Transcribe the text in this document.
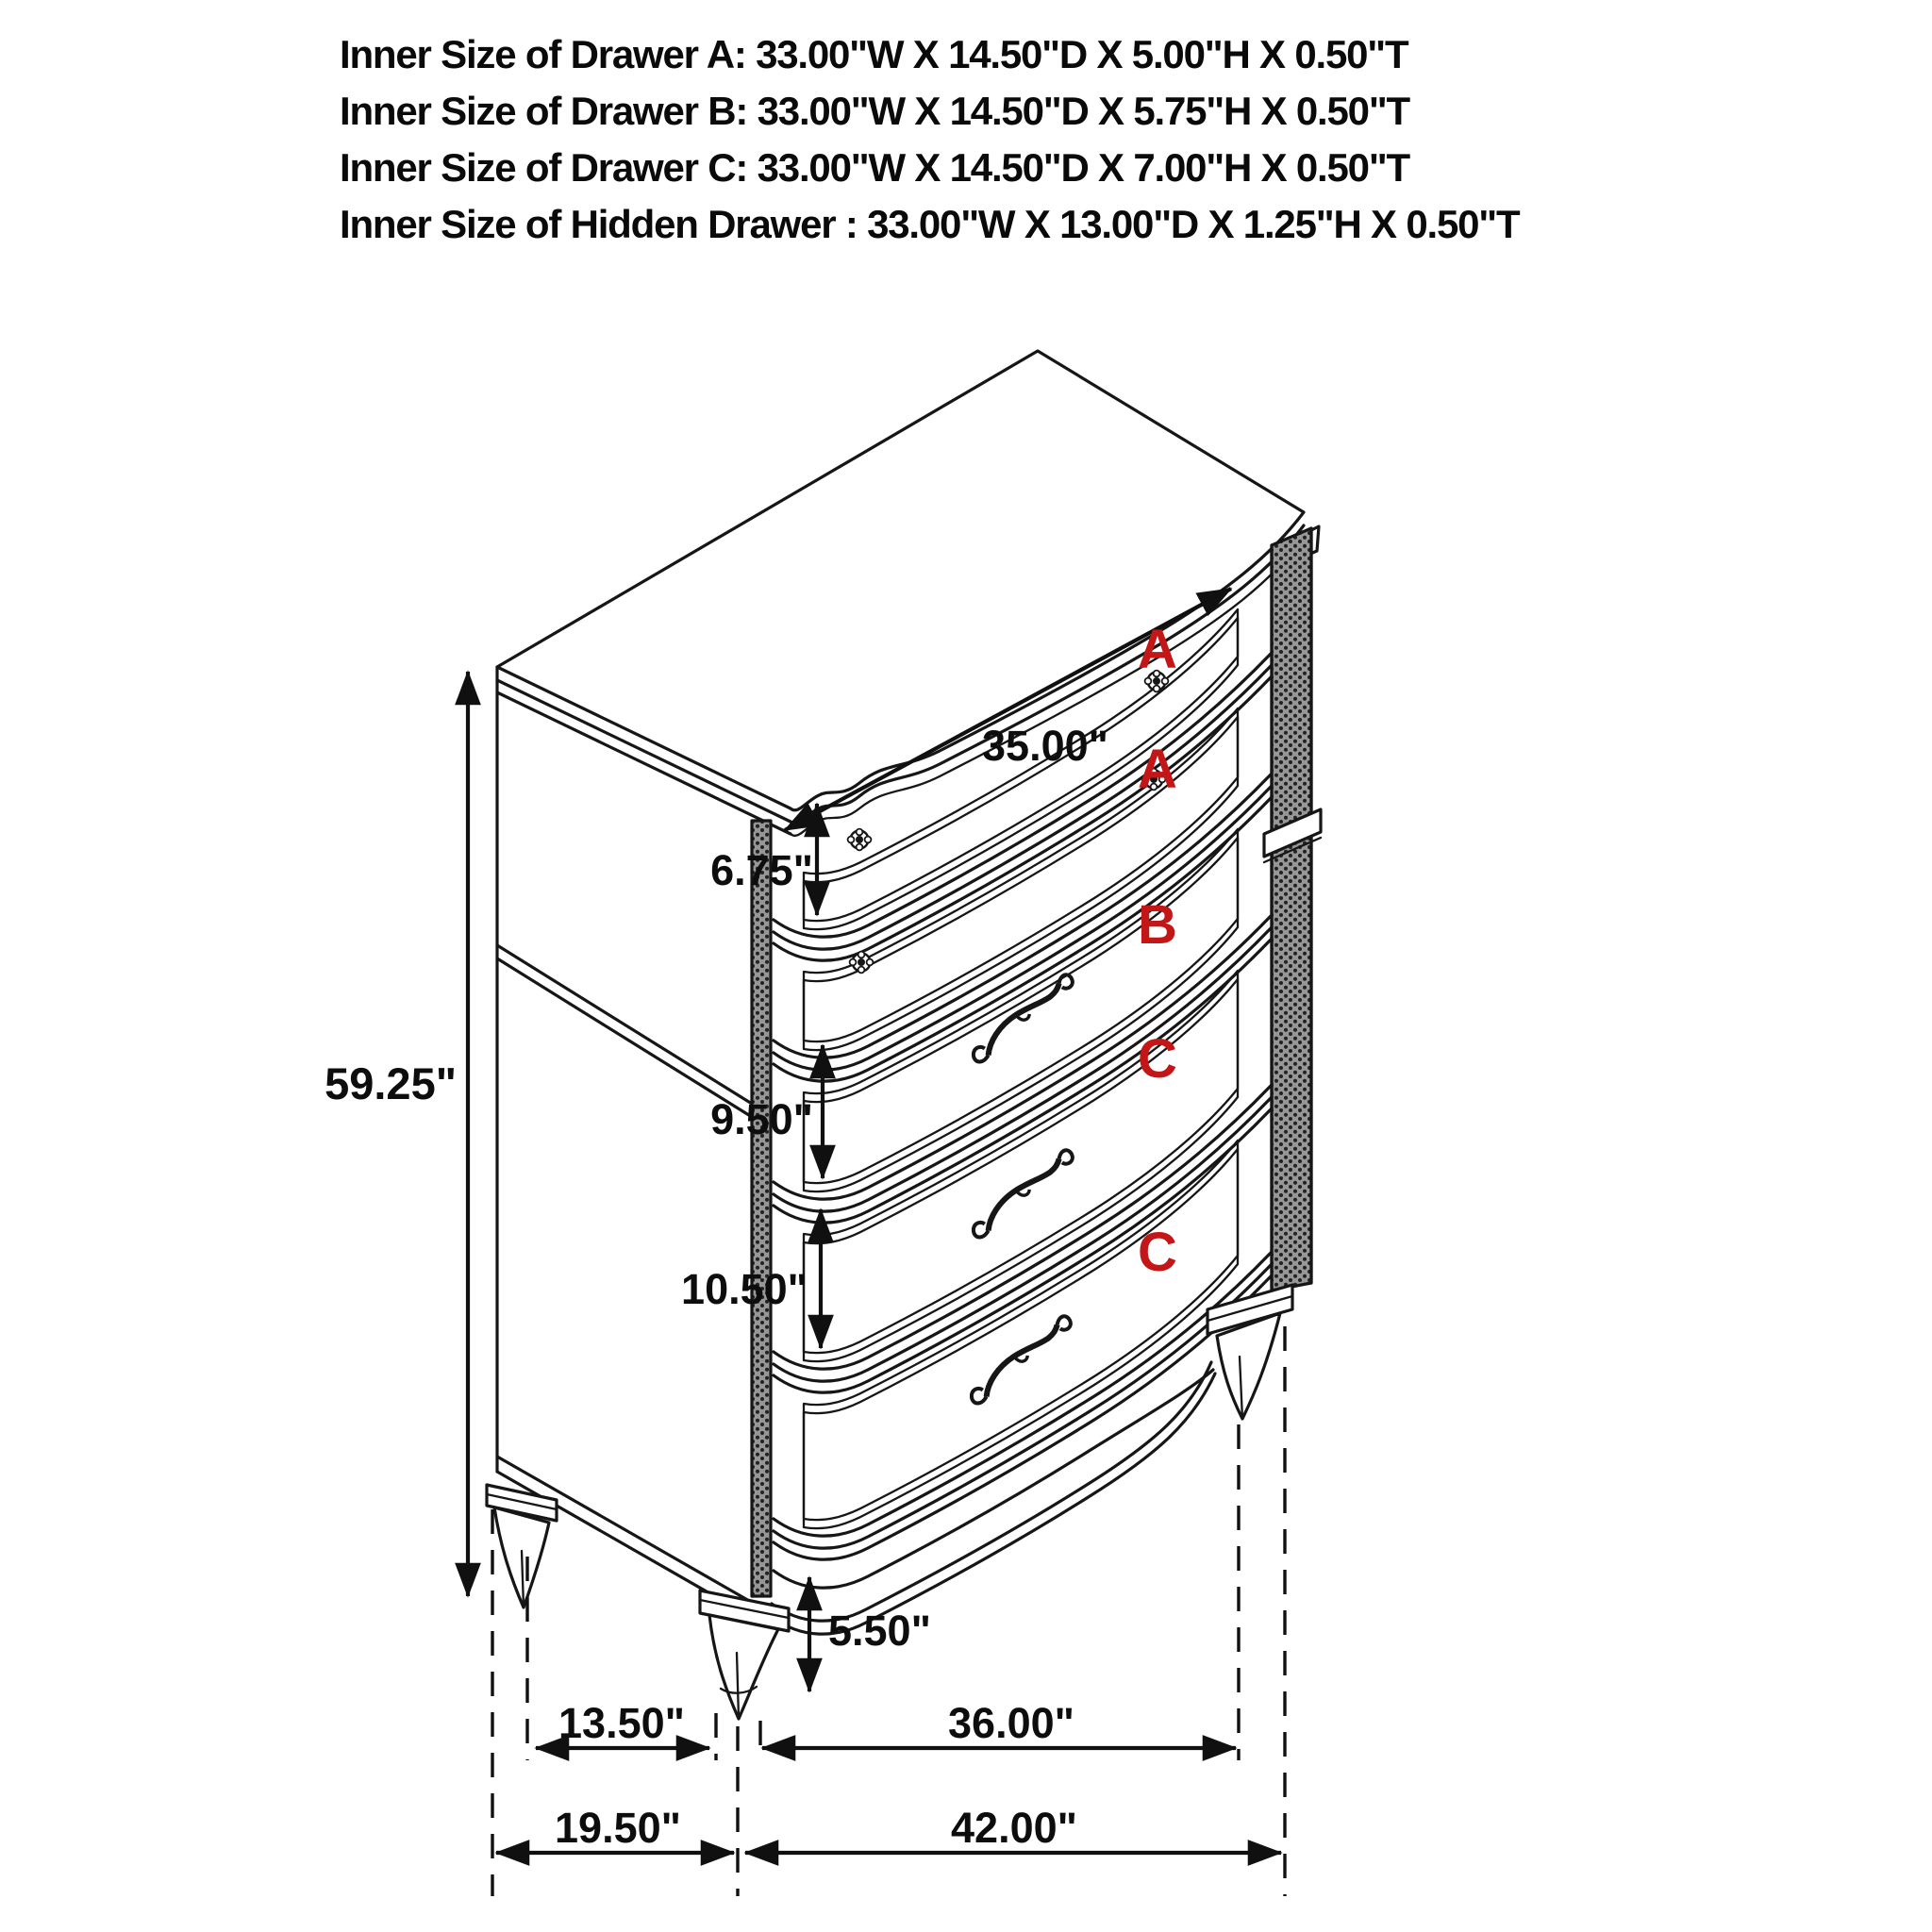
Inner Size of Drawer A: 33.00"W X 14.50"D X 5.00"H X 0.50"T
Inner Size of Drawer B: 33.00"W X 14.50"D X 5.75"H X 0.50"T
Inner Size of Drawer C: 33.00"W X 14.50"D X 7.00"H X 0.50"T
Inner Size of Hidden Drawer : 33.00"W X 13.00"D X 1.25"H X 0.50"T
59.25"
35.00"
6.75"
9.50"
10.50"
5.50"
13.50"	36.00"
19.50"	42.00"
A
A
B
C
C
